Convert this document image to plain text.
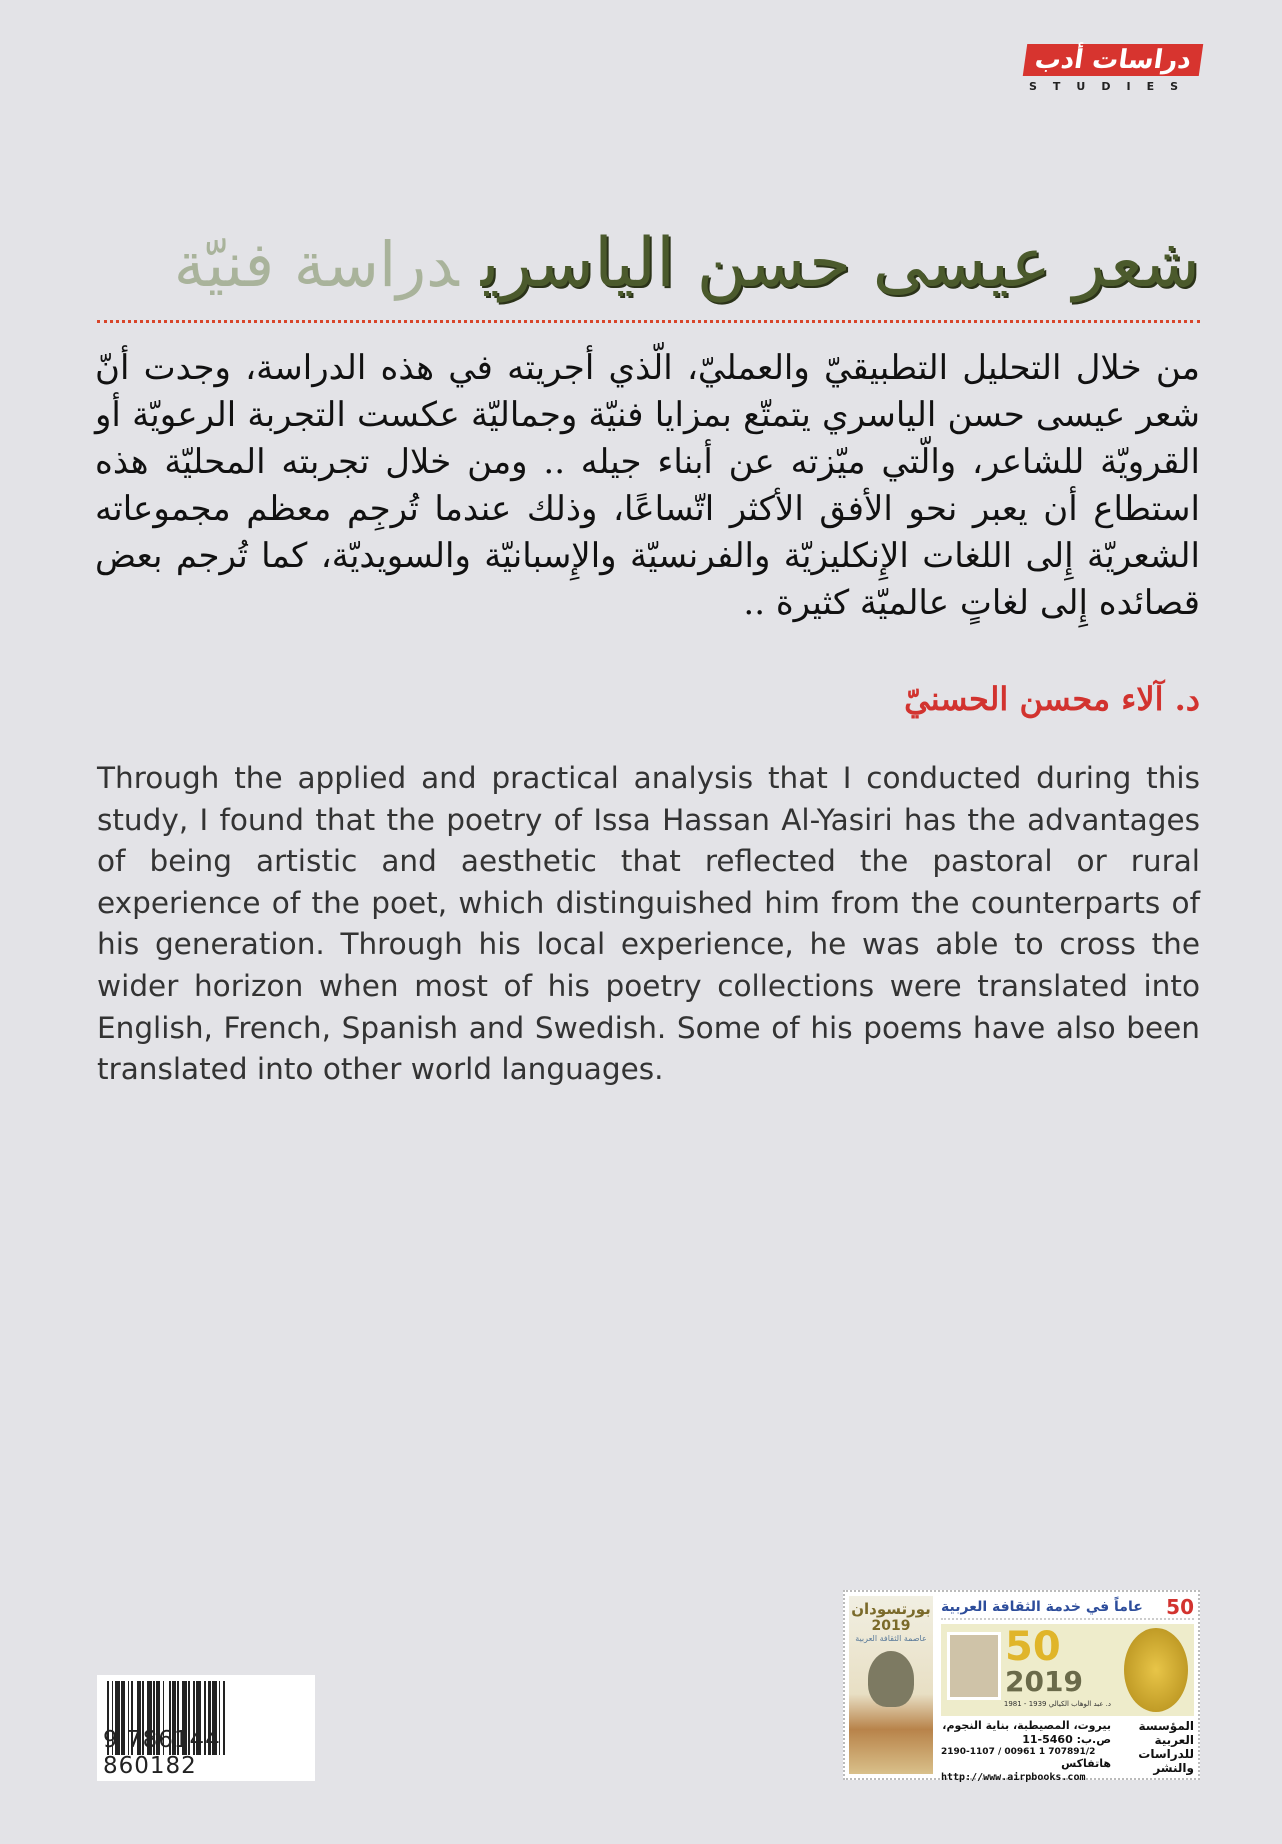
دراسات أدب
STUDIES
شعر عيسى حسن الياسريدراسة فنيّة
من خلال التحليل التطبيقيّ والعمليّ، الّذي أجريته في هذه الدراسة، وجدت أنّ شعر عيسى حسن الياسري يتمتّع بمزايا فنيّة وجماليّة عكست التجربة الرعويّة أو القرويّة للشاعر، والّتي ميّزته عن أبناء جيله .. ومن خلال تجربته المحليّة هذه استطاع أن يعبر نحو الأفق الأكثر اتّساعًا، وذلك عندما تُرجِم معظم مجموعاته الشعريّة إِلى اللغات الإِنكليزيّة والفرنسيّة والإِسبانيّة والسويديّة، كما تُرجم بعض قصائده إِلى لغاتٍ عالميّة كثيرة ..
د. آلاء محسن الحسنيّ
Through the applied and practical analysis that I conducted during this study, I found that the poetry of Issa Hassan Al-Yasiri has the advantages of being artistic and aesthetic that reflected the pastoral or rural experience of the poet, which distinguished him from the counterparts of his generation. Through his local experience, he was able to cross the wider horizon when most of his poetry collections were translated into English, French, Spanish and Swedish. Some of his poems have also been translated into other world languages.
بورتسودان
2019
عاصمة الثقافة العربية
50
عاماً في خدمة الثقافة العربية
50
2019
د. عبد الوهاب الكيالي 1939 - 1981
بيروت، المصيطبة، بناية النجوم، ص.ب: 5460-11
2190-1107 / 00961 1 707891/2
هاتفاكس
المؤسسة العربية للدراسات والنشر
http://www.airpbooks.com
9 786144 860182
